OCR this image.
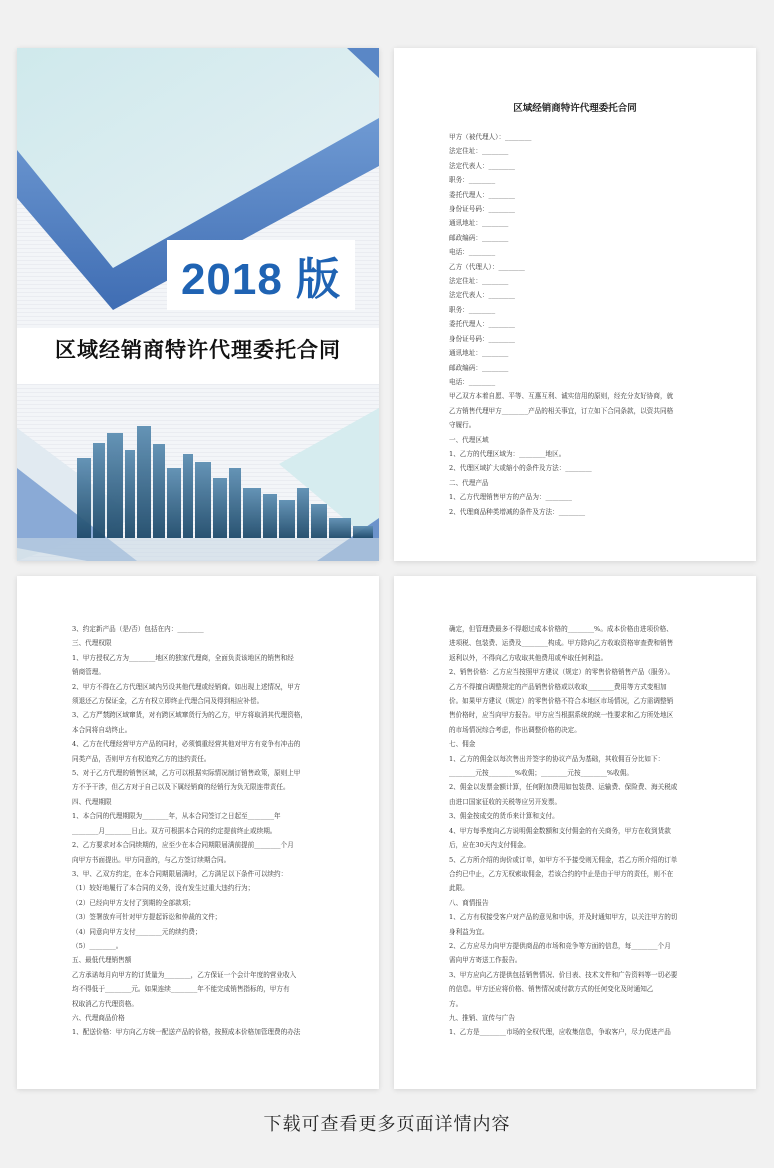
2018 版
区域经销商特许代理委托合同
区域经销商特许代理委托合同
甲方（被代理人）：________
法定住址：________
法定代表人：________
职务：________
委托代理人：________
身份证号码：________
通讯地址：________
邮政编码：________
电话：________
乙方（代理人）：________
法定住址：________
法定代表人：________
职务：________
委托代理人：________
身份证号码：________
通讯地址：________
邮政编码：________
电话：________
甲乙双方本着自愿、平等、互惠互利、诚实信用的原则，经充分友好协商，就
乙方销售代理甲方________产品的相关事宜，订立如下合同条款，以资共同格
守履行。
一、代理区域
1、乙方的代理区域为：________地区。
2、代理区域扩大或缩小的条件及方法：________
二、代理产品
1、乙方代理销售甲方的产品为：________
2、代理商品种类增减的条件及方法：________
3、约定新产品（是/否）包括在内：________
三、代理权限
1、甲方授权乙方为________地区的独家代理商，全面负责该地区的销售和经
销商管理。
2、甲方不得在乙方代理区域内另设其他代理或经销商。如出现上述情况，甲方
须退还乙方保证金，乙方有权立即终止代理合同及得到相应补偿。
3、乙方严禁跨区域窜货，对有跨区域窜货行为的乙方，甲方将取消其代理资格，
本合同将自动终止。
4、乙方在代理经营甲方产品的同时，必须慎重经营其他对甲方有竞争有冲击的
同类产品，否则甲方有权追究乙方的违约责任。
5、对于乙方代理的销售区域，乙方可以根据实际情况制订销售政策，原则上甲
方不予干涉，但乙方对于自己以及下属经销商的经销行为负无限连带责任。
四、代理期限
1、本合同的代理期限为________年，从本合同签订之日起至________年
________月________日止。双方可根据本合同的约定提前终止或续期。
2、乙方要求对本合同续期的，应至少在本合同期限届满前提前________个月
向甲方书面提出。甲方同意的，与乙方签订续期合同。
3、甲、乙双方约定，在本合同期限届满时，乙方满足以下条件可以续约：
（1）较好地履行了本合同的义务，没有发生过重大违约行为；
（2）已经向甲方支付了到期的全部款项；
（3）签署放弃可针对甲方提起诉讼和仲裁的文件；
（4）同意向甲方支付________元的续约费；
（5）________。
五、最低代理销售额
乙方承诺每月向甲方的订货量为________，乙方保证一个会计年度的营业收入
均不得低于________元。如果连续________年不能完成销售指标的，甲方有
权取消乙方代理资格。
六、代理商品价格
1、配送价格：甲方向乙方统一配送产品的价格，按照成本价格加管理费的办法
确定，但管理费最多不得超过成本价格的________%。成本价格由进项价格、
进项税、包装费、运费及________构成。甲方除向乙方收取资格审查费和销售
返利以外，不得向乙方收取其他费用或牟取任何利益。
2、销售价格：乙方应当按照甲方建议（规定）的零售价格销售产品（服务）。
乙方不得擅自调整规定的产品销售价格或以收取________费用等方式变相加
价。如果甲方建议（规定）的零售价格不符合本地区市场情况，乙方需调整销
售价格时，应当向甲方报告。甲方应当根据系统的统一性要求和乙方所处地区
的市场情况综合考虑，作出调整价格的决定。
七、佣金
1、乙方的佣金以每次售出并签字的协议产品为基础，其收佣百分比如下：
________元按________%收佣；________元按________%收佣。
2、佣金以发票金额计算，任何附加费用如包装费、运输费、保险费、海关税或
由进口国家征收的关税等应另开发票。
3、佣金按成交的货币来计算和支付。
4、甲方每季度向乙方说明佣金数额和支付佣金的有关商务，甲方在收到货款
后，应在30天内支付佣金。
5、乙方所介绍的询价或订单，如甲方不予接受则无佣金，若乙方所介绍的订单
合约已中止，乙方无权索取佣金，若该合约的中止是由于甲方的责任，则不在
此限。
八、商情报告
1、乙方有权接受客户对产品的意见和申诉，并及时通知甲方，以关注甲方的切
身利益为宜。
2、乙方应尽力向甲方提供商品的市场和竞争等方面的信息，每________个月
需向甲方寄送工作报告。
3、甲方应向乙方提供包括销售情况、价目表、技术文件和广告资料等一切必要
的信息。甲方还应将价格、销售情况或付款方式的任何变化及时通知乙
方。
九、推销、宣传与广告
1、乙方是________市场的全权代理，应收集信息，争取客户，尽力促进产品
下载可查看更多页面详情内容
